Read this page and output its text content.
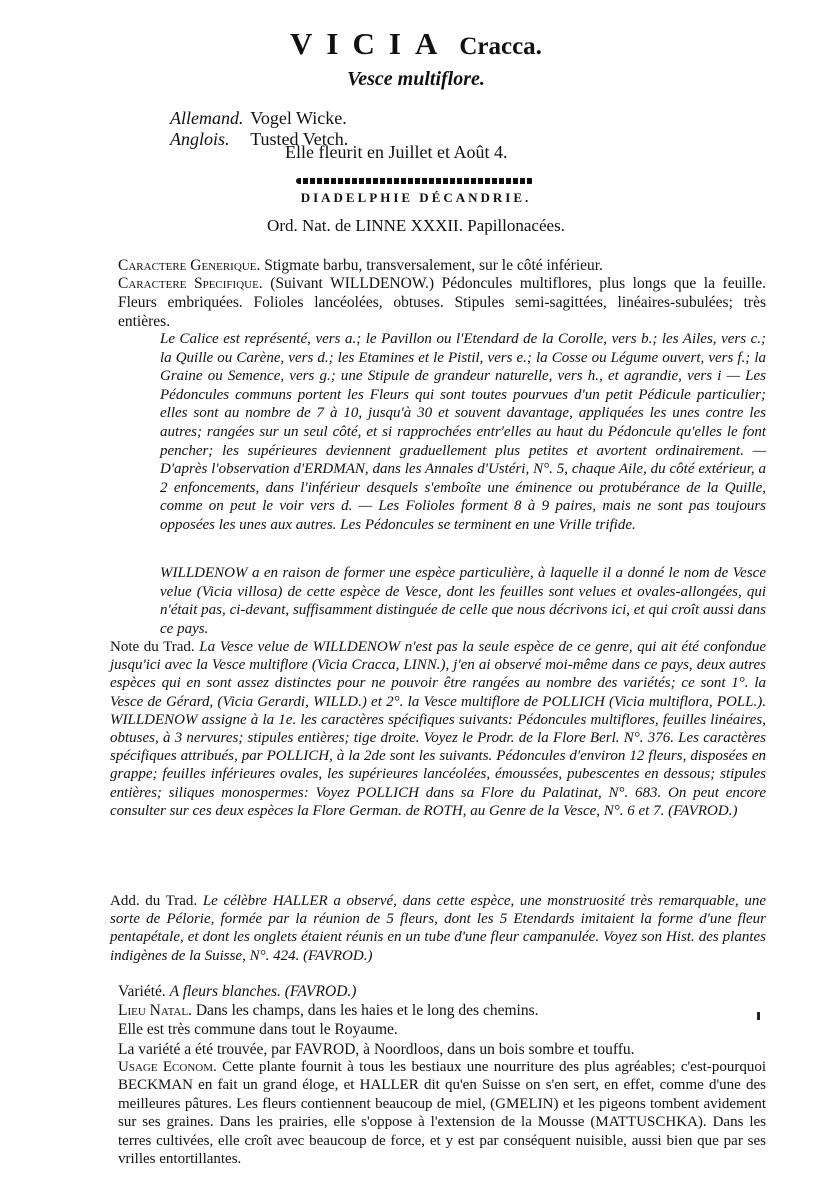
VICIA Cracca.
Vesce multiflore.
Allemand. Vogel Wicke.
Anglois. Tusted Vetch.
Elle fleurit en Juillet et Août 4.
DIADELPHIE DÉCANDRIE.
Ord. Nat. de LINNE XXXII. Papillonacées.
Caractere Generique. Stigmate barbu, transversalement, sur le côté inférieur.
Caractere Specifique. (Suivant WILLDENOW.) Pédoncules multiflores, plus longs que la feuille. Fleurs embriquées. Folioles lancéolées, obtuses. Stipules semi-sagittées, linéaires-subulées; très entières.
Le Calice est représenté, vers a.; le Pavillon ou l'Etendard de la Corolle, vers b.; les Ailes, vers c.; la Quille ou Carène, vers d.; les Etamines et le Pistil, vers e.; la Cosse ou Légume ouvert, vers f.; la Graine ou Semence, vers g.; une Stipule de grandeur naturelle, vers h., et agrandie, vers i — Les Pédoncules communs portent les Fleurs qui sont toutes pourvues d'un petit Pédicule particulier; elles sont au nombre de 7 à 10, jusqu'à 30 et souvent davantage, appliquées les unes contre les autres; rangées sur un seul côté, et si rapprochées entr'elles au haut du Pédoncule qu'elles le font pencher; les supérieures deviennent graduellement plus petites et avortent ordinairement. — D'après l'observation d'ERDMAN, dans les Annales d'Ustéri, N°. 5, chaque Aile, du côté extérieur, a 2 enfoncements, dans l'inférieur desquels s'emboîte une éminence ou protubérance de la Quille, comme on peut le voir vers d. — Les Folioles forment 8 à 9 paires, mais ne sont pas toujours opposées les unes aux autres. Les Pédoncules se terminent en une Vrille trifide.
WILLDENOW a en raison de former une espèce particulière, à laquelle il a donné le nom de Vesce velue (Vicia villosa) de cette espèce de Vesce, dont les feuilles sont velues et ovales-allongées, qui n'était pas, ci-devant, suffisamment distinguée de celle que nous décrivons ici, et qui croît aussi dans ce pays.
Note du Trad. La Vesce velue de WILLDENOW n'est pas la seule espèce de ce genre, qui ait été confondue jusqu'ici avec la Vesce multiflore (Vicia Cracca, LINN.), j'en ai observé moi-même dans ce pays, deux autres espèces qui en sont assez distinctes pour ne pouvoir être rangées au nombre des variétés; ce sont 1°. la Vesce de Gérard, (Vicia Gerardi, WILLD.) et 2°. la Vesce multiflore de POLLICH (Vicia multiflora, POLL.). WILLDENOW assigne à la 1e. les caractères spécifiques suivants: Pédoncules multiflores, feuilles linéaires, obtuses, à 3 nervures; stipules entières; tige droite. Voyez le Prodr. de la Flore Berl. N°. 376. Les caractères spécifiques attribués, par POLLICH, à la 2de sont les suivants. Pédoncules d'environ 12 fleurs, disposées en grappe; feuilles inférieures ovales, les supérieures lancéolées, émoussées, pubescentes en dessous; stipules entières; siliques monospermes: Voyez POLLICH dans sa Flore du Palatinat, N°. 683. On peut encore consulter sur ces deux espèces la Flore German. de ROTH, au Genre de la Vesce, N°. 6 et 7. (FAVROD.)
Add. du Trad. Le célèbre HALLER a observé, dans cette espèce, une monstruosité très remarquable, une sorte de Pélorie, formée par la réunion de 5 fleurs, dont les 5 Etendards imitaient la forme d'une fleur pentapétale, et dont les onglets étaient réunis en un tube d'une fleur campanulée. Voyez son Hist. des plantes indigènes de la Suisse, N°. 424. (FAVROD.)
Variété. A fleurs blanches. (FAVROD.)
Lieu Natal. Dans les champs, dans les haies et le long des chemins.
Elle est très commune dans tout le Royaume.
La variété a été trouvée, par FAVROD, à Noordloos, dans un bois sombre et touffu.
Usage Econom. Cette plante fournit à tous les bestiaux une nourriture des plus agréables; c'est-pourquoi BECKMAN en fait un grand éloge, et HALLER dit qu'en Suisse on s'en sert, en effet, comme d'une des meilleures pâtures. Les fleurs contiennent beaucoup de miel, (GMELIN) et les pigeons tombent avidement sur ses graines. Dans les prairies, elle s'oppose à l'extension de la Mousse (MATTUSCHKA). Dans les terres cultivées, elle croît avec beaucoup de force, et y est par conséquent nuisible, aussi bien que par ses vrilles entortillantes.
